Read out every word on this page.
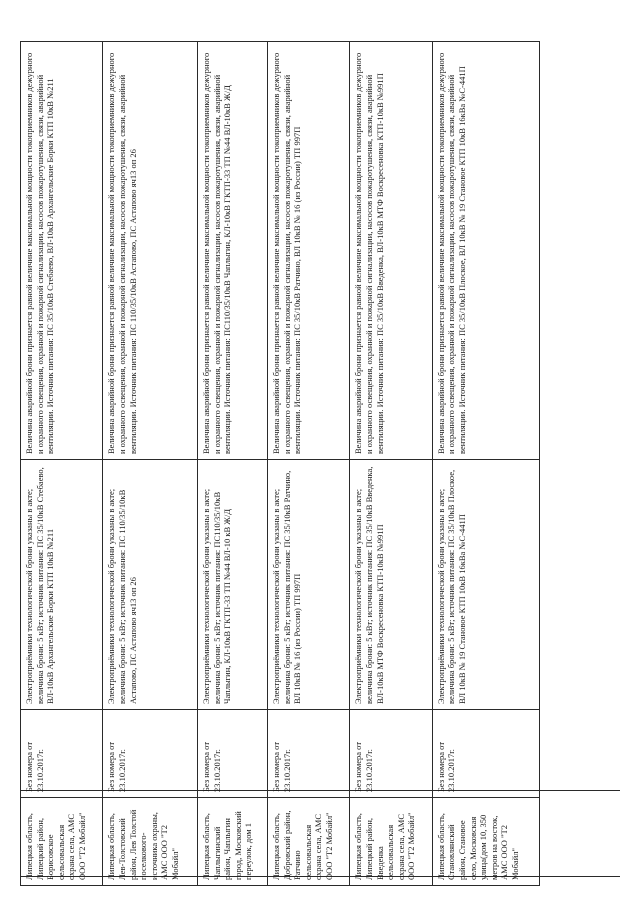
Липецкая область, Липецкий район, Борисовское сельсовальская охрана села, АМС ООО "Т2 Мобайл"	Без номера от 23.10.2017г.	Электроприёмники технологической брони указаны в акте; величина брони: 5 кВт; источник питания: ПС 35/10кВ Стебаево, ВЛ-10кВ Архангельские Борки КТП 10кВ №211	Величина аварийной брони признается равной величине максимальной мощности токоприемников дежурного и охранного освещения, охранной и пожарной сигнализации, насосов пожаротушения, связи, аварийной вентиляции. Источник питания: ПС 35/10кВ Стебаево, ВЛ-10кВ Архангельские Борки КТП 10кВ №211
Липецкая область, Лев-Толстовский район, Лев Толстой поселкового-источника охраны, АМС ООО "Т2 Мобайл"	Без номера от 23.10.2017г.	Электроприёмники технологической брони указаны в акте; величина брони: 5 кВт; источник питания: ПС 110/35/10кВ Астапово, ПС Астапово яч13 оп 26	Величина аварийной брони признается равной величине максимальной мощности токоприемников дежурного и охранного освещения, охранной и пожарной сигнализации, насосов пожаротушения, связи, аварийной вентиляции. Источник питания: ПС 110/35/10кВ Астапово, ПС Астапово яч13 оп 26
Липецкая область, Чаплыгинский район, Чаплыгин город, Московский переулок, дом 1	Без номера от 23.10.2017г.	Электроприёмники технологической брони указаны в акте; величина брони: 5 кВт; источник питания: ПС110/35/10кВ Чаплыгин, КЛ-10кВ ГКТП-33 ТП №44 ВЛ-10 кВ Ж/Д	Величина аварийной брони признается равной величине максимальной мощности токоприемников дежурного и охранного освещения, охранной и пожарной сигнализации, насосов пожаротушения, связи, аварийной вентиляции. Источник питания: ПС110/35/10кВ Чаплыгин, КЛ-10кВ ГКТП-33 ТП №44 ВЛ-10кВ Ж/Д
Липецкая область, Добровский район, Ратчино сельсовальская охрана села, АМС ООО "Т2 Мобайл"	Без номера от 23.10.2017г.	Электроприёмники технологической брони указаны в акте; величина брони: 5 кВт; источник питания: ПС 35/10кВ Ратчино, ВЛ 10кВ № 16 (из России) ТП 997П	Величина аварийной брони признается равной величине максимальной мощности токоприемников дежурного и охранного освещения, охранной и пожарной сигнализации, насосов пожаротушения, связи, аварийной вентиляции. Источник питания: ПС 35/10кВ Ратчино, ВЛ 10кВ № 16 (из России) ТП 997П
Липецкая область, Липецкий район, Введенка сельсовальская охрана села, АМС ООО "Т2 Мобайл"	Без номера от 23.10.2017г.	Электроприёмники технологической брони указаны в акте; величина брони: 5 кВт; источник питания: ПС 35/10кВ Введенка, ВЛ-10кВ МТФ Воскресеновка КТП-10кВ №991П	Величина аварийной брони признается равной величине максимальной мощности токоприемников дежурного и охранного освещения, охранной и пожарной сигнализации, насосов пожаротушения, связи, аварийной вентиляции. Источник питания: ПС 35/10кВ Введенка, ВЛ-10кВ МТФ Воскресеновка КТП-10кВ №991П
Липецкая область, Становлянский район, Становое село, Московская улица(дом 10, 350 метров на восток, АМС ООО "Т2 Мобайл"	Без номера от 23.10.2017г.	Электроприёмники технологической брони указаны в акте; величина брони: 5 кВт; источник питания: ПС 35/10кВ Плоское, ВЛ 10кВ № 19 Становое КТП 10кВ 16кВа №С-441П	Величина аварийной брони признается равной величине максимальной мощности токоприемников дежурного и охранного освещения, охранной и пожарной сигнализации, насосов пожаротушения, связи, аварийной вентиляции. Источник питания: ПС 35/10кВ Плоское, ВЛ 10кВ № 19 Становое КТП 10кВ 16кВа №С-441П
